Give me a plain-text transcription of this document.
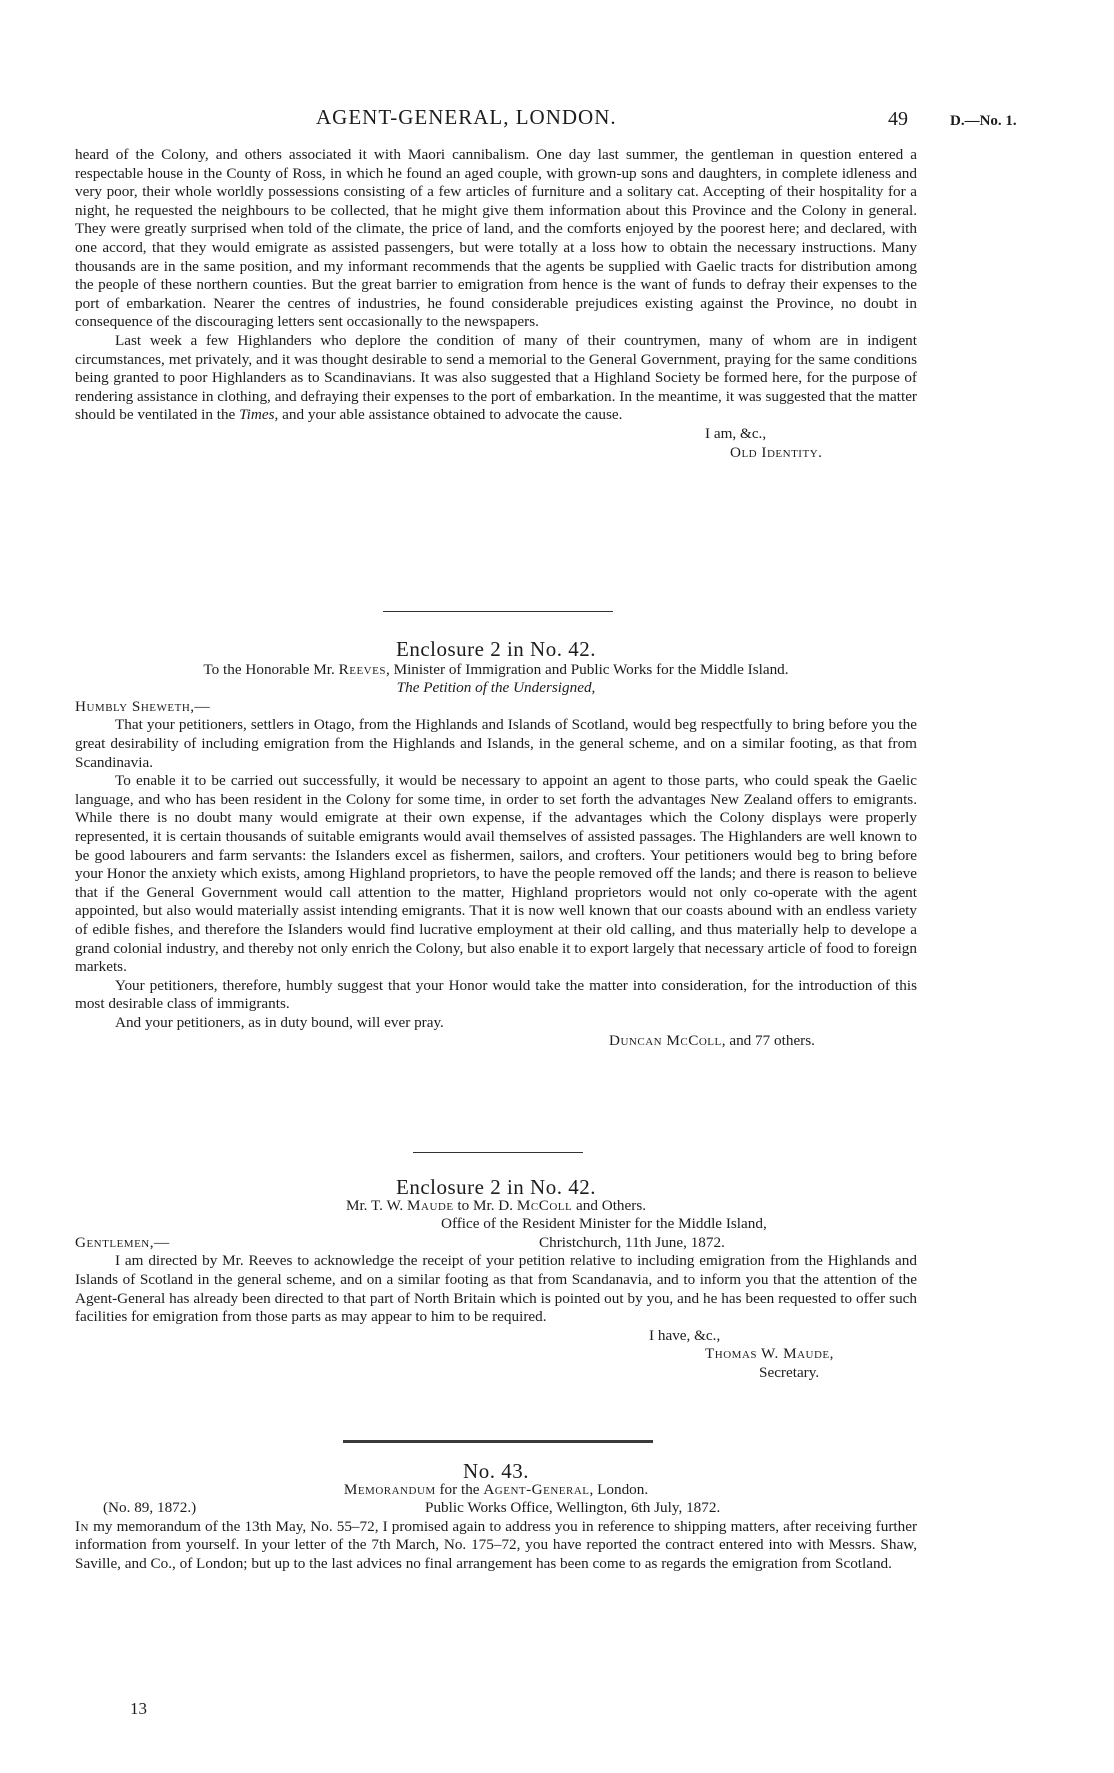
AGENT-GENERAL, LONDON.	49	D.—No. 1.

heard of the Colony, and others associated it with Maori cannibalism. One day last summer, the gentleman in question entered a respectable house in the County of Ross, in which he found an aged couple, with grown-up sons and daughters, in complete idleness and very poor, their whole worldly possessions consisting of a few articles of furniture and a solitary cat. Accepting of their hospitality for a night, he requested the neighbours to be collected, that he might give them information about this Province and the Colony in general. They were greatly surprised when told of the climate, the price of land, and the comforts enjoyed by the poorest here; and declared, with one accord, that they would emigrate as assisted passengers, but were totally at a loss how to obtain the necessary instructions. Many thousands are in the same position, and my informant recommends that the agents be supplied with Gaelic tracts for distribution among the people of these northern counties. But the great barrier to emigration from hence is the want of funds to defray their expenses to the port of embarkation. Nearer the centres of industries, he found considerable prejudices existing against the Province, no doubt in consequence of the discouraging letters sent occasionally to the newspapers.

Last week a few Highlanders who deplore the condition of many of their countrymen, many of whom are in indigent circumstances, met privately, and it was thought desirable to send a memorial to the General Government, praying for the same conditions being granted to poor Highlanders as to Scandinavians. It was also suggested that a Highland Society be formed here, for the purpose of rendering assistance in clothing, and defraying their expenses to the port of embarkation. In the meantime, it was suggested that the matter should be ventilated in the Times, and your able assistance obtained to advocate the cause.

I am, &c.,
Old Identity.
Enclosure 2 in No. 42.
To the Honorable Mr. Reeves, Minister of Immigration and Public Works for the Middle Island.
The Petition of the Undersigned,
Humbly Sheweth,—

That your petitioners, settlers in Otago, from the Highlands and Islands of Scotland, would beg respectfully to bring before you the great desirability of including emigration from the Highlands and Islands, in the general scheme, and on a similar footing, as that from Scandinavia.

To enable it to be carried out successfully, it would be necessary to appoint an agent to those parts, who could speak the Gaelic language, and who has been resident in the Colony for some time, in order to set forth the advantages New Zealand offers to emigrants. While there is no doubt many would emigrate at their own expense, if the advantages which the Colony displays were properly represented, it is certain thousands of suitable emigrants would avail themselves of assisted passages. The Highlanders are well known to be good labourers and farm servants: the Islanders excel as fishermen, sailors, and crofters. Your petitioners would beg to bring before your Honor the anxiety which exists, among Highland proprietors, to have the people removed off the lands; and there is reason to believe that if the General Government would call attention to the matter, Highland proprietors would not only co-operate with the agent appointed, but also would materially assist intending emigrants. That it is now well known that our coasts abound with an endless variety of edible fishes, and therefore the Islanders would find lucrative employment at their old calling, and thus materially help to develope a grand colonial industry, and thereby not only enrich the Colony, but also enable it to export largely that necessary article of food to foreign markets.

Your petitioners, therefore, humbly suggest that your Honor would take the matter into consideration, for the introduction of this most desirable class of immigrants.

And your petitioners, as in duty bound, will ever pray.

Duncan McColl, and 77 others.
Enclosure 2 in No. 42.
Mr. T. W. Maude to Mr. D. McColl and Others.
Office of the Resident Minister for the Middle Island,
Gentlemen,—	Christchurch, 11th June, 1872.

I am directed by Mr. Reeves to acknowledge the receipt of your petition relative to including emigration from the Highlands and Islands of Scotland in the general scheme, and on a similar footing as that from Scandanavia, and to inform you that the attention of the Agent-General has already been directed to that part of North Britain which is pointed out by you, and he has been requested to offer such facilities for emigration from those parts as may appear to him to be required.

I have, &c.,
Thomas W. Maude,
Secretary.
No. 43.
Memorandum for the Agent-General, London.
(No. 89, 1872.)	Public Works Office, Wellington, 6th July, 1872.

In my memorandum of the 13th May, No. 55–72, I promised again to address you in reference to shipping matters, after receiving further information from yourself. In your letter of the 7th March, No. 175–72, you have reported the contract entered into with Messrs. Shaw, Saville, and Co., of London; but up to the last advices no final arrangement has been come to as regards the emigration from Scotland.

13
